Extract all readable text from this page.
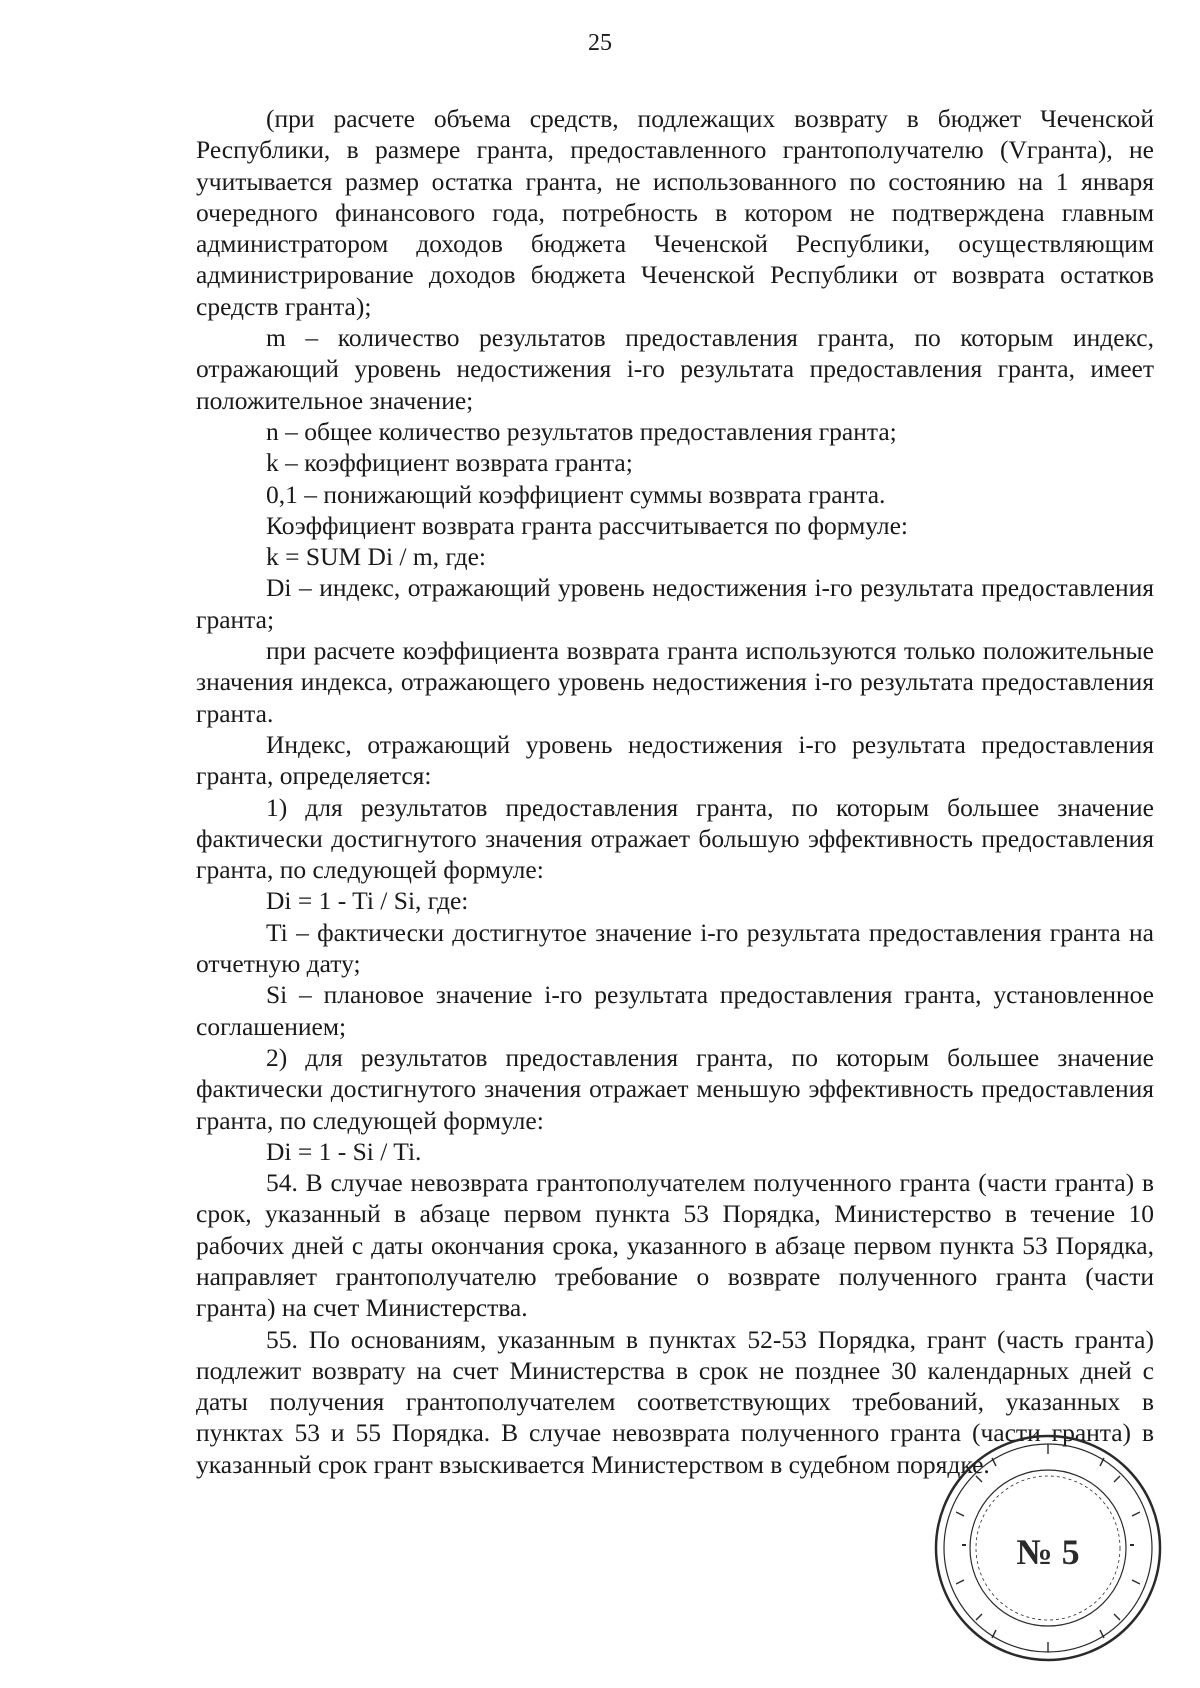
25

(при расчете объема средств, подлежащих возврату в бюджет Чеченской Республики, в размере гранта, предоставленного грантополучателю (Vгранта), не учитывается размер остатка гранта, не использованного по состоянию на 1 января очередного финансового года, потребность в котором не подтверждена главным администратором доходов бюджета Чеченской Республики, осуществляющим администрирование доходов бюджета Чеченской Республики от возврата остатков средств гранта);

m – количество результатов предоставления гранта, по которым индекс, отражающий уровень недостижения i-го результата предоставления гранта, имеет положительное значение;

n – общее количество результатов предоставления гранта;

k – коэффициент возврата гранта;

0,1 – понижающий коэффициент суммы возврата гранта.

Коэффициент возврата гранта рассчитывается по формуле:

k = SUM Di / m, где:

Di – индекс, отражающий уровень недостижения i-го результата предоставления гранта;

при расчете коэффициента возврата гранта используются только положительные значения индекса, отражающего уровень недостижения i-го результата предоставления гранта.

Индекс, отражающий уровень недостижения i-го результата предоставления гранта, определяется:

1) для результатов предоставления гранта, по которым большее значение фактически достигнутого значения отражает большую эффективность предоставления гранта, по следующей формуле:

Di = 1 - Ti / Si, где:

Ti – фактически достигнутое значение i-го результата предоставления гранта на отчетную дату;

Si – плановое значение i-го результата предоставления гранта, установленное соглашением;

2) для результатов предоставления гранта, по которым большее значение фактически достигнутого значения отражает меньшую эффективность предоставления гранта, по следующей формуле:

Di = 1 - Si / Ti.

54. В случае невозврата грантополучателем полученного гранта (части гранта) в срок, указанный в абзаце первом пункта 53 Порядка, Министерство в течение 10 рабочих дней с даты окончания срока, указанного в абзаце первом пункта 53 Порядка, направляет грантополучателю требование о возврате полученного гранта (части гранта) на счет Министерства.

55. По основаниям, указанным в пунктах 52-53 Порядка, грант (часть гранта) подлежит возврату на счет Министерства в срок не позднее 30 календарных дней с даты получения грантополучателем соответствующих требований, указанных в пунктах 53 и 55 Порядка. В случае невозврата полученного гранта (части гранта) в указанный срок грант взыскивается Министерством в судебном порядке.

№ 5
